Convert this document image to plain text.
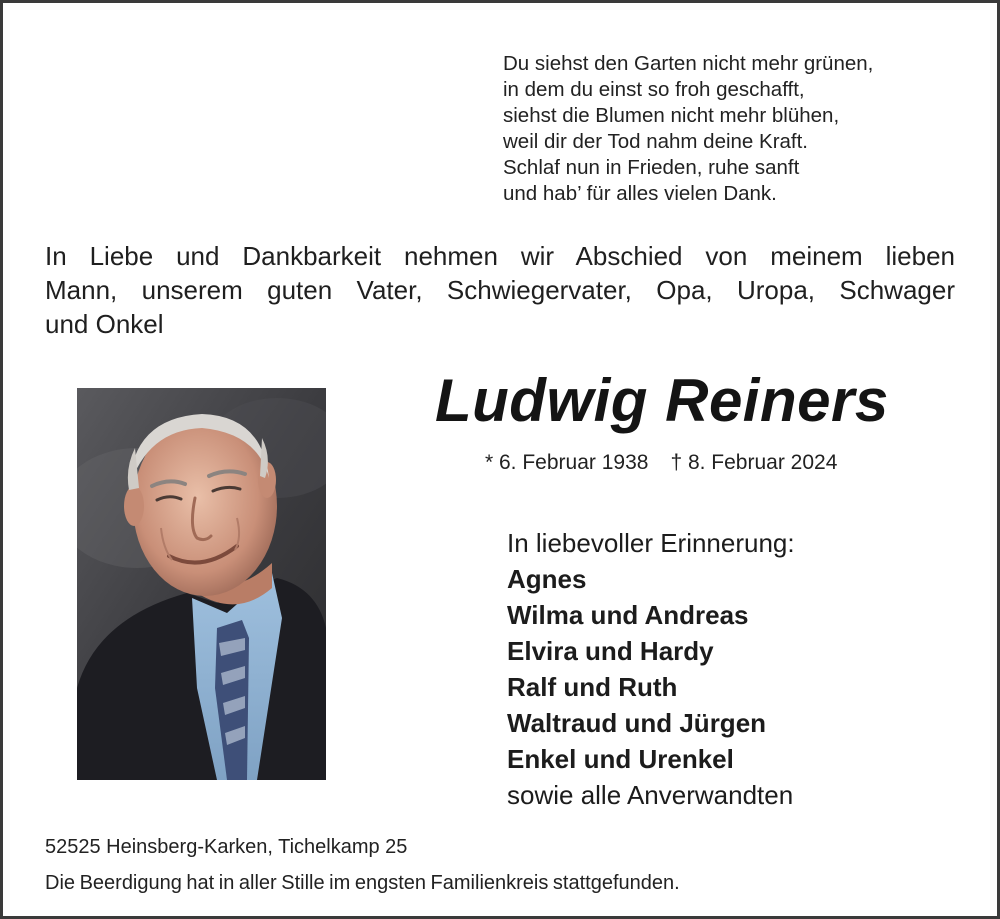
Du siehst den Garten nicht mehr grünen,
in dem du einst so froh geschafft,
siehst die Blumen nicht mehr blühen,
weil dir der Tod nahm deine Kraft.
Schlaf nun in Frieden, ruhe sanft
und hab’ für alles vielen Dank.
In Liebe und Dankbarkeit nehmen wir Abschied von meinem lieben
Mann, unserem guten Vater, Schwiegervater, Opa, Uropa, Schwager
und Onkel
Ludwig Reiners
* 6. Februar 1938 † 8. Februar 2024
In liebevoller Erinnerung:
Agnes
Wilma und Andreas
Elvira und Hardy
Ralf und Ruth
Waltraud und Jürgen
Enkel und Urenkel
sowie alle Anverwandten
52525 Heinsberg-Karken, Tichelkamp 25
Die Beerdigung hat in aller Stille im engsten Familienkreis stattgefunden.
